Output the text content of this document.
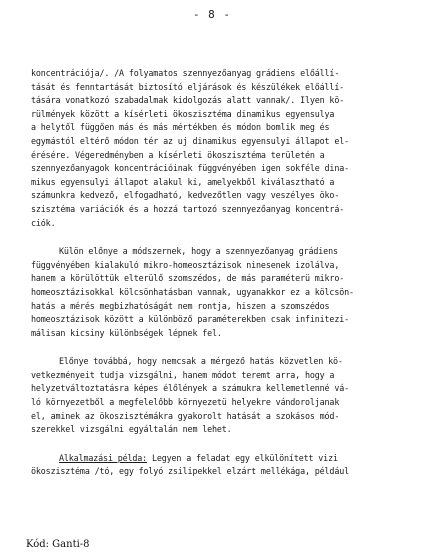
- 8 -
koncentrációja/. /A folyamatos szennyezőanyag grádiens előállí-
tását és fenntartását biztosító eljárások és készülékek előállí-
tására vonatkozó szabadalmak kidolgozás alatt vannak/. Ilyen kö-
rülmények között a kísérleti ökoszisztéma dinamikus egyensulya
a helytől függően más és más mértékben és módon bomlik meg és
egymástól eltérő módon tér az uj dinamikus egyensulyi állapot el-
érésére. Végeredményben a kísérleti ökoszisztéma területén a
szennyezőanyagok koncentrációinak függvényében igen sokféle dina-
mikus egyensulyi állapot alakul ki, amelyekből kiválasztható a
számunkra kedvező, elfogadható, kedvezőtlen vagy veszélyes öko-
szisztéma variációk és a hozzá tartozó szennyezőanyag koncentrá-
ciók.
Külön előnye a módszernek, hogy a szennyezőanyag grádiens
függvényében kialakuló mikro-homeosztázisok ninesenek izolálva,
hanem a körülöttük elterülő szomszédos, de más paraméterü mikro-
homeosztázisokkal kölcsönhatásban vannak, ugyanakkor ez a kölcsön-
hatás a mérés megbizhatóságát nem rontja, hiszen a szomszédos
homeosztázisok között a különböző paraméterekben csak infinitezi-
málisan kicsiny különbségek lépnek fel.
Előnye továbbá, hogy nemcsak a mérgező hatás közvetlen kö-
vetkezményeit tudja vizsgálni, hanem módot teremt arra, hogy a
helyzetváltoztatásra képes élőlények a számukra kellemetlenné vá-
ló környezetből a megfelelőbb környezetü helyekre vándoroljanak
el, aminek az ökoszisztémákra gyakorolt hatását a szokásos mód-
szerekkel vizsgálni egyáltalán nem lehet.
Alkalmazási példa: Legyen a feladat egy elkülönített vizi
ökoszisztéma /tó, egy folyó zsilipekkel elzárt mellékága, például
Kód: Ganti-8
